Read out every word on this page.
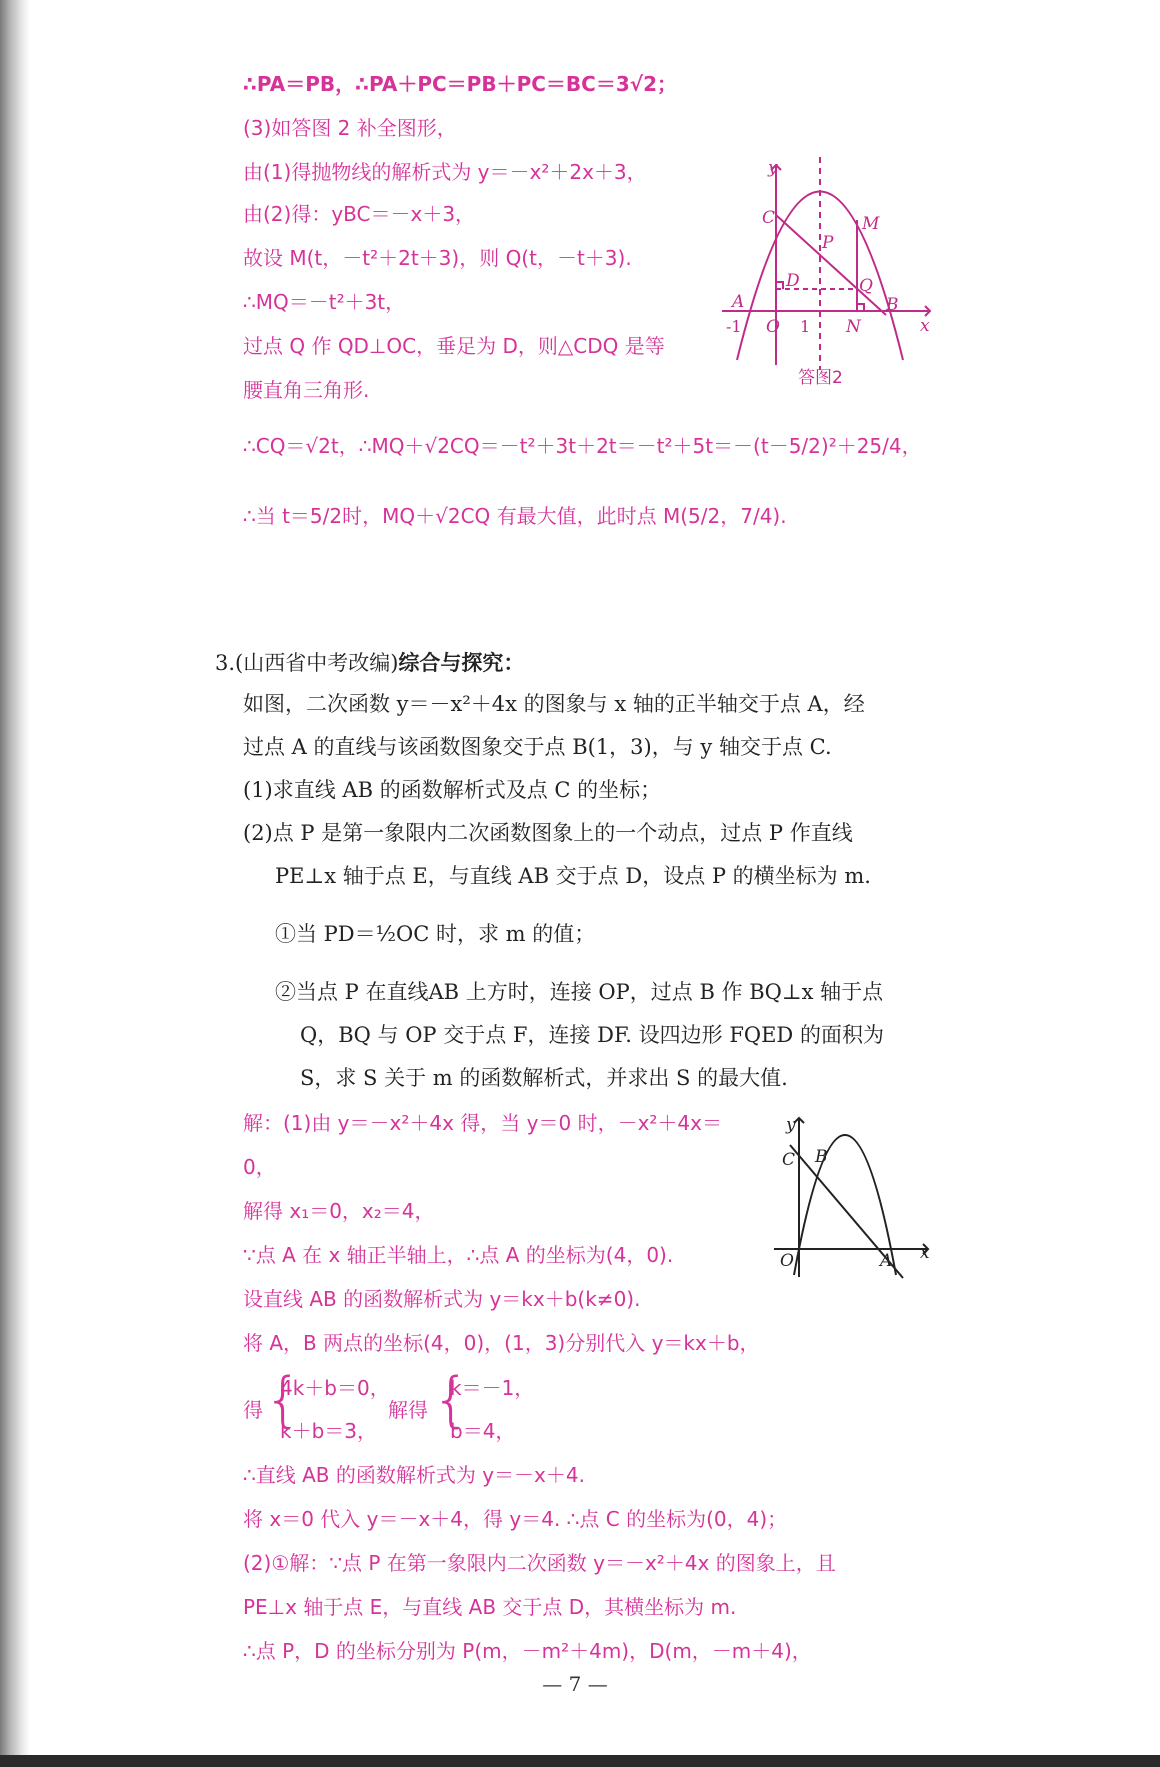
∴PA＝PB，∴PA＋PC＝PB＋PC＝BC＝3√2；
(3)如答图 2 补全图形，
由(1)得抛物线的解析式为 y＝－x²＋2x＋3，
由(2)得：yBC＝－x＋3，
故设 M(t，－t²＋2t＋3)，则 Q(t，－t＋3).
∴MQ＝－t²＋3t，
过点 Q 作 QD⊥OC，垂足为 D，则△CDQ 是等
腰直角三角形.
∴CQ＝√2t，∴MQ＋√2CQ＝－t²＋3t＋2t＝－t²＋5t＝－(t－5/2)²＋25/4，
∴当 t＝5/2时，MQ＋√2CQ 有最大值，此时点 M(5/2，7/4).
y
x
C	M
P
D	Q
A	B
N
O
-1	1
答图2
3.(山西省中考改编)综合与探究：
如图，二次函数 y＝－x²＋4x 的图象与 x 轴的正半轴交于点 A，经
过点 A 的直线与该函数图象交于点 B(1，3)，与 y 轴交于点 C.
(1)求直线 AB 的函数解析式及点 C 的坐标；
(2)点 P 是第一象限内二次函数图象上的一个动点，过点 P 作直线
PE⊥x 轴于点 E，与直线 AB 交于点 D，设点 P 的横坐标为 m.
①当 PD＝½OC 时，求 m 的值；
②当点 P 在直线AB 上方时，连接 OP，过点 B 作 BQ⊥x 轴于点
Q，BQ 与 OP 交于点 F，连接 DF. 设四边形 FQED 的面积为
S，求 S 关于 m 的函数解析式，并求出 S 的最大值.
解：(1)由 y＝－x²＋4x 得，当 y＝0 时，－x²＋4x＝
0，
解得 x₁＝0，x₂＝4，
∵点 A 在 x 轴正半轴上，∴点 A 的坐标为(4，0).
设直线 AB 的函数解析式为 y＝kx＋b(k≠0).
将 A，B 两点的坐标(4，0)，(1，3)分别代入 y＝kx＋b，
得 {
4k＋b＝0，
k＋b＝3，
解得 {
k＝－1，
b＝4，
∴直线 AB 的函数解析式为 y＝－x＋4.
将 x＝0 代入 y＝－x＋4，得 y＝4. ∴点 C 的坐标为(0，4)；
(2)①解：∵点 P 在第一象限内二次函数 y＝－x²＋4x 的图象上，且
PE⊥x 轴于点 E，与直线 AB 交于点 D，其横坐标为 m.
∴点 P，D 的坐标分别为 P(m，－m²＋4m)，D(m，－m＋4)，
y
C B
O	A x
— 7 —
